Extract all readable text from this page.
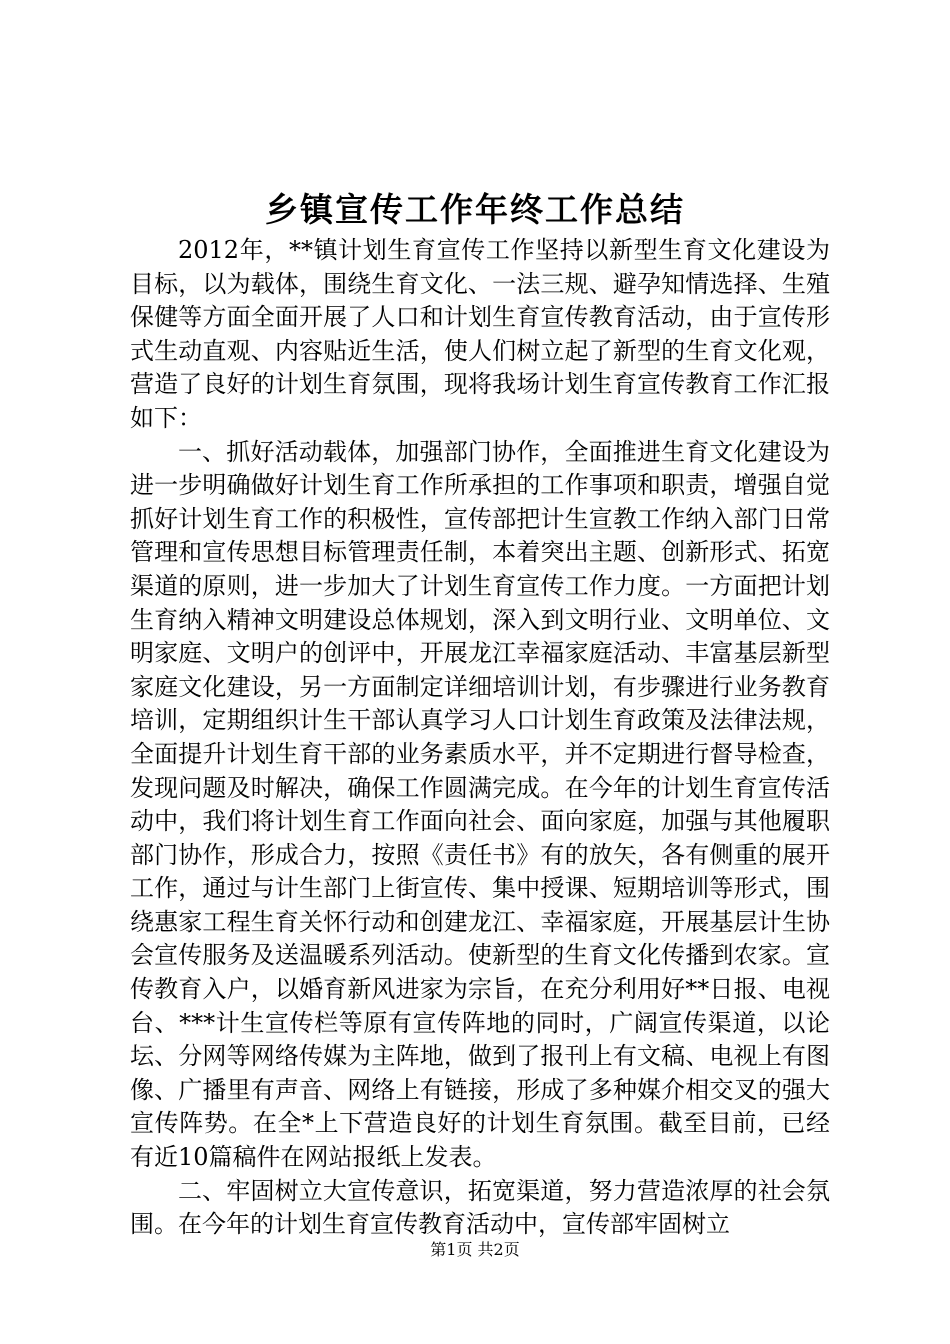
乡镇宣传工作年终工作总结

2012年，**镇计划生育宣传工作坚持以新型生育文化建设为目标，以为载体，围绕生育文化、一法三规、避孕知情选择、生殖保健等方面全面开展了人口和计划生育宣传教育活动，由于宣传形式生动直观、内容贴近生活，使人们树立起了新型的生育文化观，营造了良好的计划生育氛围，现将我场计划生育宣传教育工作汇报如下：

一、抓好活动载体，加强部门协作，全面推进生育文化建设为进一步明确做好计划生育工作所承担的工作事项和职责，增强自觉抓好计划生育工作的积极性，宣传部把计生宣教工作纳入部门日常管理和宣传思想目标管理责任制，本着突出主题、创新形式、拓宽渠道的原则，进一步加大了计划生育宣传工作力度。一方面把计划生育纳入精神文明建设总体规划，深入到文明行业、文明单位、文明家庭、文明户的创评中，开展龙江幸福家庭活动、丰富基层新型家庭文化建设，另一方面制定详细培训计划，有步骤进行业务教育培训，定期组织计生干部认真学习人口计划生育政策及法律法规，全面提升计划生育干部的业务素质水平，并不定期进行督导检查，发现问题及时解决，确保工作圆满完成。在今年的计划生育宣传活动中，我们将计划生育工作面向社会、面向家庭，加强与其他履职部门协作，形成合力，按照《责任书》有的放矢，各有侧重的展开工作，通过与计生部门上街宣传、集中授课、短期培训等形式，围绕惠家工程生育关怀行动和创建龙江、幸福家庭，开展基层计生协会宣传服务及送温暖系列活动。使新型的生育文化传播到农家。宣传教育入户，以婚育新风进家为宗旨，在充分利用好**日报、电视台、***计生宣传栏等原有宣传阵地的同时，广阔宣传渠道，以论坛、分网等网络传媒为主阵地，做到了报刊上有文稿、电视上有图像、广播里有声音、网络上有链接，形成了多种媒介相交叉的强大宣传阵势。在全*上下营造良好的计划生育氛围。截至目前，已经有近10篇稿件在网站报纸上发表。

二、牢固树立大宣传意识，拓宽渠道，努力营造浓厚的社会氛围。在今年的计划生育宣传教育活动中，宣传部牢固树立

第1页 共2页
